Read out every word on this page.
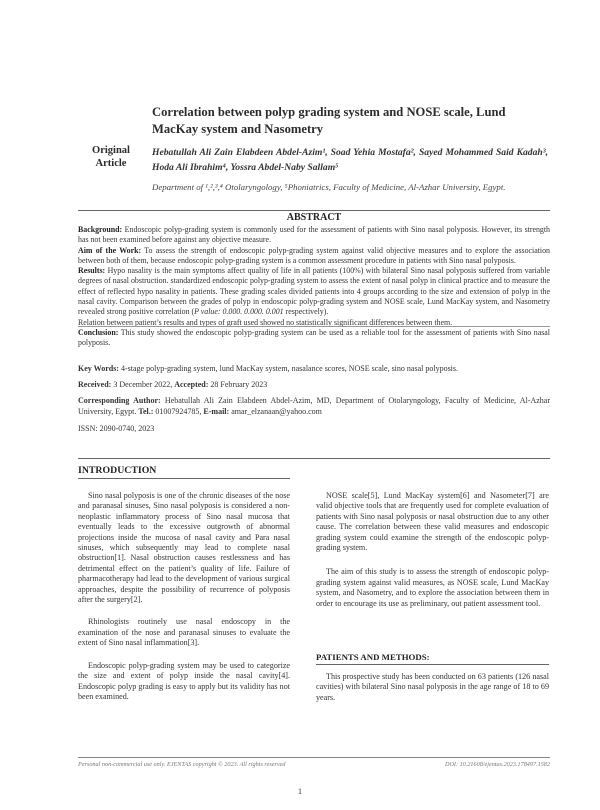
Correlation between polyp grading system and NOSE scale, Lund MacKay system and Nasometry
Original Article
Hebatullah Ali Zain Elabdeen Abdel-Azim¹, Soad Yehia Mostafa², Sayed Mohammed Said Kadah³, Hoda Ali Ibrahim⁴, Yossra Abdel-Naby Sallam⁵
Department of ¹,²,³,⁴ Otolaryngology, ⁵Phoniatrics, Faculty of Medicine, Al-Azhar University, Egypt.
ABSTRACT

Background: Endoscopic polyp-grading system is commonly used for the assessment of patients with Sino nasal polyposis. However, its strength has not been examined before against any objective measure.

Aim of the Work: To assess the strength of endoscopic polyp-grading system against valid objective measures and to explore the association between both of them, because endoscopic polyp-grading system is a common assessment procedure in patients with Sino nasal polyposis.

Results: Hypo nasality is the main symptoms affect quality of life in all patients (100%) with bilateral Sino nasal polyposis suffered from variable degrees of nasal obstruction. standardized endoscopic polyp-grading system to assess the extent of nasal polyp in clinical practice and to measure the effect of reflected hypo nasality in patients. These grading scales divided patients into 4 groups according to the size and extension of polyp in the nasal cavity. Comparison between the grades of polyp in endoscopic polyp-grading system and NOSE scale, Lund MacKay system, and Nasometry revealed strong positive correlation (P value: 0.000. 0.000. 0.001 respectively).

Relation between patient’s results and types of graft used showed no statistically significant differences between them.

Conclusion: This study showed the endoscopic polyp-grading system can be used as a reliable tool for the assessment of patients with Sino nasal polyposis.

Key Words: 4-stage polyp-grading system, lund MacKay system, nasalance scores, NOSE scale, sino nasal polyposis.
Received: 3 December 2022, Accepted: 28 February 2023
Corresponding Author: Hebatullah Ali Zain Elabdeen Abdel-Azim, MD, Department of Otolaryngology, Faculty of Medicine, Al-Azhar University, Egypt. Tel.: 01007924785, E-mail: amar_elzanaan@yahoo.com
ISSN: 2090-0740, 2023
INTRODUCTION

Sino nasal polyposis is one of the chronic diseases of the nose and paranasal sinuses, Sino nasal polyposis is considered a non-neoplastic inflammatory process of Sino nasal mucosa that eventually leads to the excessive outgrowth of abnormal projections inside the mucosa of nasal cavity and Para nasal sinuses, which subsequently may lead to complete nasal obstruction[1]. Nasal obstruction causes restlessness and has detrimental effect on the patient’s quality of life. Failure of pharmacotherapy had lead to the development of various surgical approaches, despite the possibility of recurrence of polyposis after the surgery[2].

Rhinologists routinely use nasal endoscopy in the examination of the nose and paranasal sinuses to evaluate the extent of Sino nasal inflammation[3].

Endoscopic polyp-grading system may be used to categorize the size and extent of polyp inside the nasal cavity[4]. Endoscopic polyp grading is easy to apply but its validity has not been examined.

NOSE scale[5], Lund MacKay system[6] and Nasometer[7] are valid objective tools that are frequently used for complete evaluation of patients with Sino nasal polyposis or nasal obstruction due to any other cause. The correlation between these valid measures and endoscopic grading system could examine the strength of the endoscopic polyp-grading system.

The aim of this study is to assess the strength of endoscopic polyp-grading system against valid measures, as NOSE scale, Lund MacKay system, and Nasometry, and to explore the association between them in order to encourage its use as preliminary, out patient assessment tool.

PATIENTS AND METHODS:

This prospective study has been conducted on 63 patients (126 nasal cavities) with bilateral Sino nasal polyposis in the age range of 18 to 69 years.

Personal non-commercial use only. EJENTAS copyright © 2023. All rights reserved	DOI: 10.21608/ejentas.2023.178497.1582
1
